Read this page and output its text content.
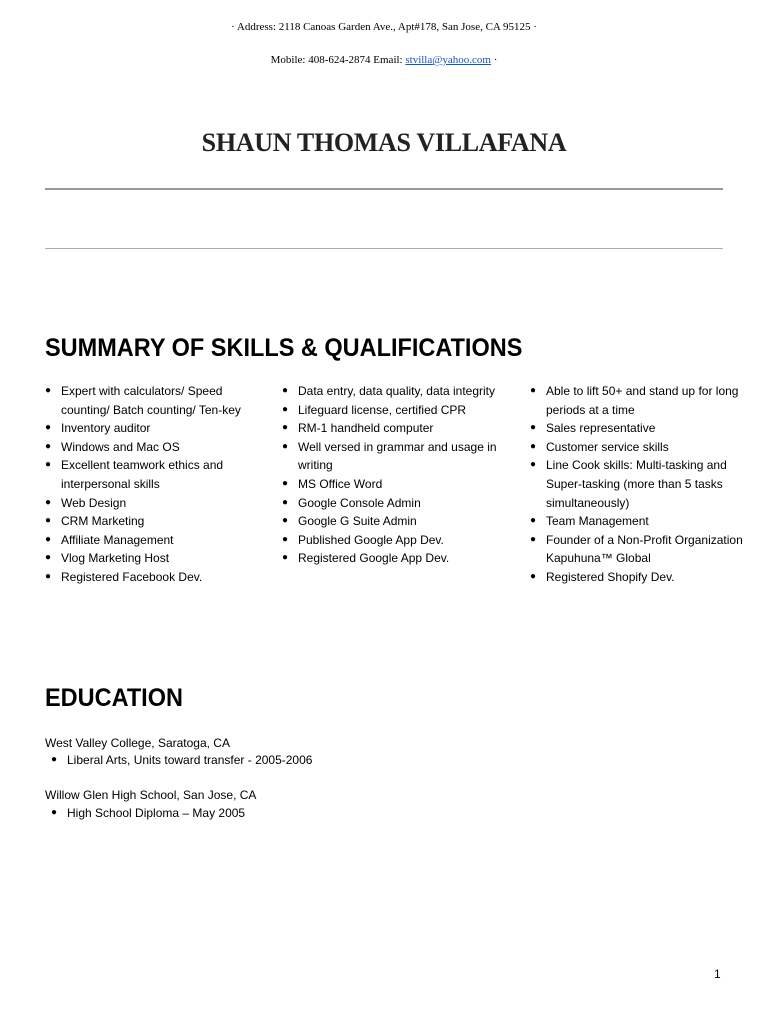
· Address: 2118 Canoas Garden Ave., Apt#178, San Jose, CA 95125 ·
Mobile: 408-624-2874 Email: stvilla@yahoo.com ·
SHAUN THOMAS VILLAFANA
SUMMARY OF SKILLS & QUALIFICATIONS
● Expert with calculators/ Speed counting/ Batch counting/ Ten-key
● Inventory auditor
● Windows and Mac OS
● Excellent teamwork ethics and interpersonal skills
● Web Design
● CRM Marketing
● Affiliate Management
● Vlog Marketing Host
● Registered Facebook Dev.
● Data entry, data quality, data integrity
● Lifeguard license, certified CPR
● RM-1 handheld computer
● Well versed in grammar and usage in writing
● MS Office Word
● Google Console Admin
● Google G Suite Admin
● Published Google App Dev.
● Registered Google App Dev.
● Able to lift 50+ and stand up for long periods at a time
● Sales representative
● Customer service skills
● Line Cook skills: Multi-tasking and Super-tasking (more than 5 tasks simultaneously)
● Team Management
● Founder of a Non-Profit Organization Kapuhuna™ Global
● Registered Shopify Dev.
EDUCATION
West Valley College, Saratoga, CA
● Liberal Arts, Units toward transfer - 2005-2006
Willow Glen High School, San Jose, CA
● High School Diploma – May 2005
1
